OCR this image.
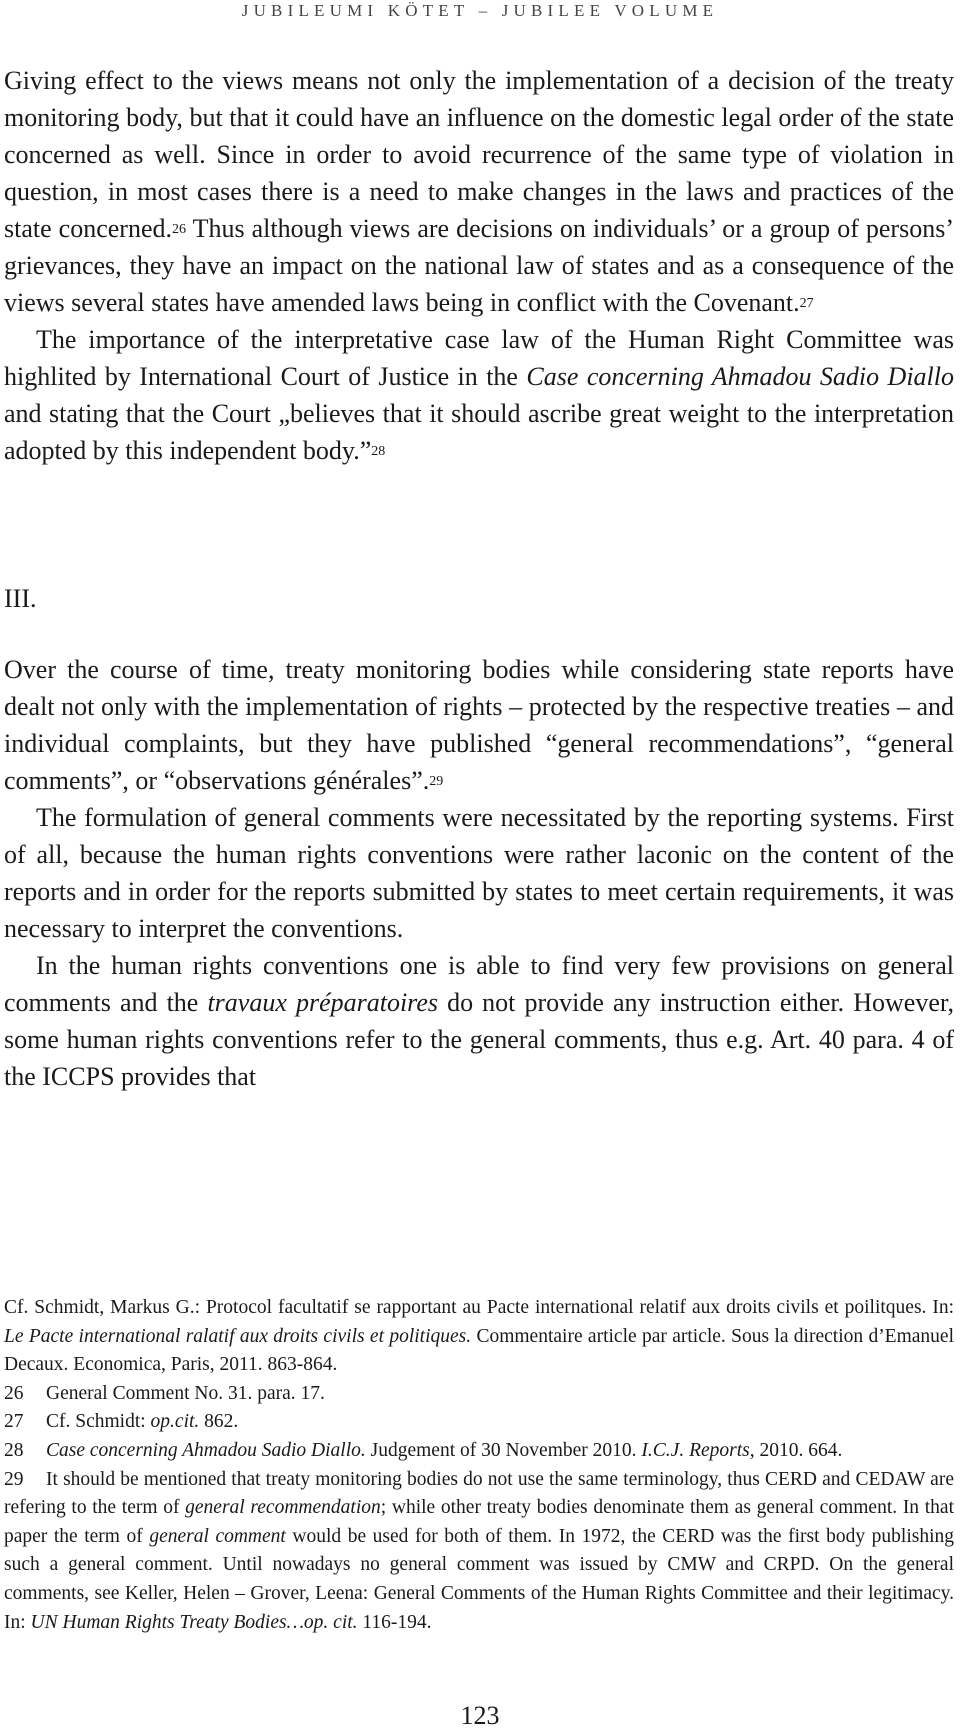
JUBILEUMI KÖTET – JUBILEE VOLUME

Giving effect to the views means not only the implementation of a decision of the treaty monitoring body, but that it could have an influence on the domestic legal order of the state concerned as well. Since in order to avoid recurrence of the same type of violation in question, in most cases there is a need to make changes in the laws and practices of the state concerned.$^{26}$ Thus although views are decisions on individuals’ or a group of persons’ grievances, they have an impact on the national law of states and as a consequence of the views several states have amended laws being in conflict with the Covenant.$^{27}$

The importance of the interpretative case law of the Human Right Committee was highlited by International Court of Justice in the Case concerning Ahmadou Sadio Diallo and stating that the Court „believes that it should ascribe great weight to the interpretation adopted by this independent body.”$^{28}$

III.

Over the course of time, treaty monitoring bodies while considering state reports have dealt not only with the implementation of rights – protected by the respective treaties – and individual complaints, but they have published “general recommendations”, “general comments”, or “observations générales”.$^{29}$

The formulation of general comments were necessitated by the reporting systems. First of all, because the human rights conventions were rather laconic on the content of the reports and in order for the reports submitted by states to meet certain requirements, it was necessary to interpret the conventions.

In the human rights conventions one is able to find very few provisions on general comments and the travaux préparatoires do not provide any instruction either. However, some human rights conventions refer to the general comments, thus e.g. Art. 40 para. 4 of the ICCPS provides that

Cf. Schmidt, Markus G.: Protocol facultatif se rapportant au Pacte international relatif aux droits civils et poilitques. In: Le Pacte international ralatif aux droits civils et politiques. Commentaire article par article. Sous la direction d’Emanuel Decaux. Economica, Paris, 2011. 863-864.

26 General Comment No. 31. para. 17.

27 Cf. Schmidt: op.cit. 862.

28 Case concerning Ahmadou Sadio Diallo. Judgement of 30 November 2010. I.C.J. Reports, 2010. 664.

29 It should be mentioned that treaty monitoring bodies do not use the same terminology, thus CERD and CEDAW are refering to the term of general recommendation; while other treaty bodies denominate them as general comment. In that paper the term of general comment would be used for both of them. In 1972, the CERD was the first body publishing such a general comment. Until nowadays no general comment was issued by CMW and CRPD. On the general comments, see Keller, Helen – Grover, Leena: General Comments of the Human Rights Committee and their legitimacy. In: UN Human Rights Treaty Bodies…op. cit. 116-194.

123
